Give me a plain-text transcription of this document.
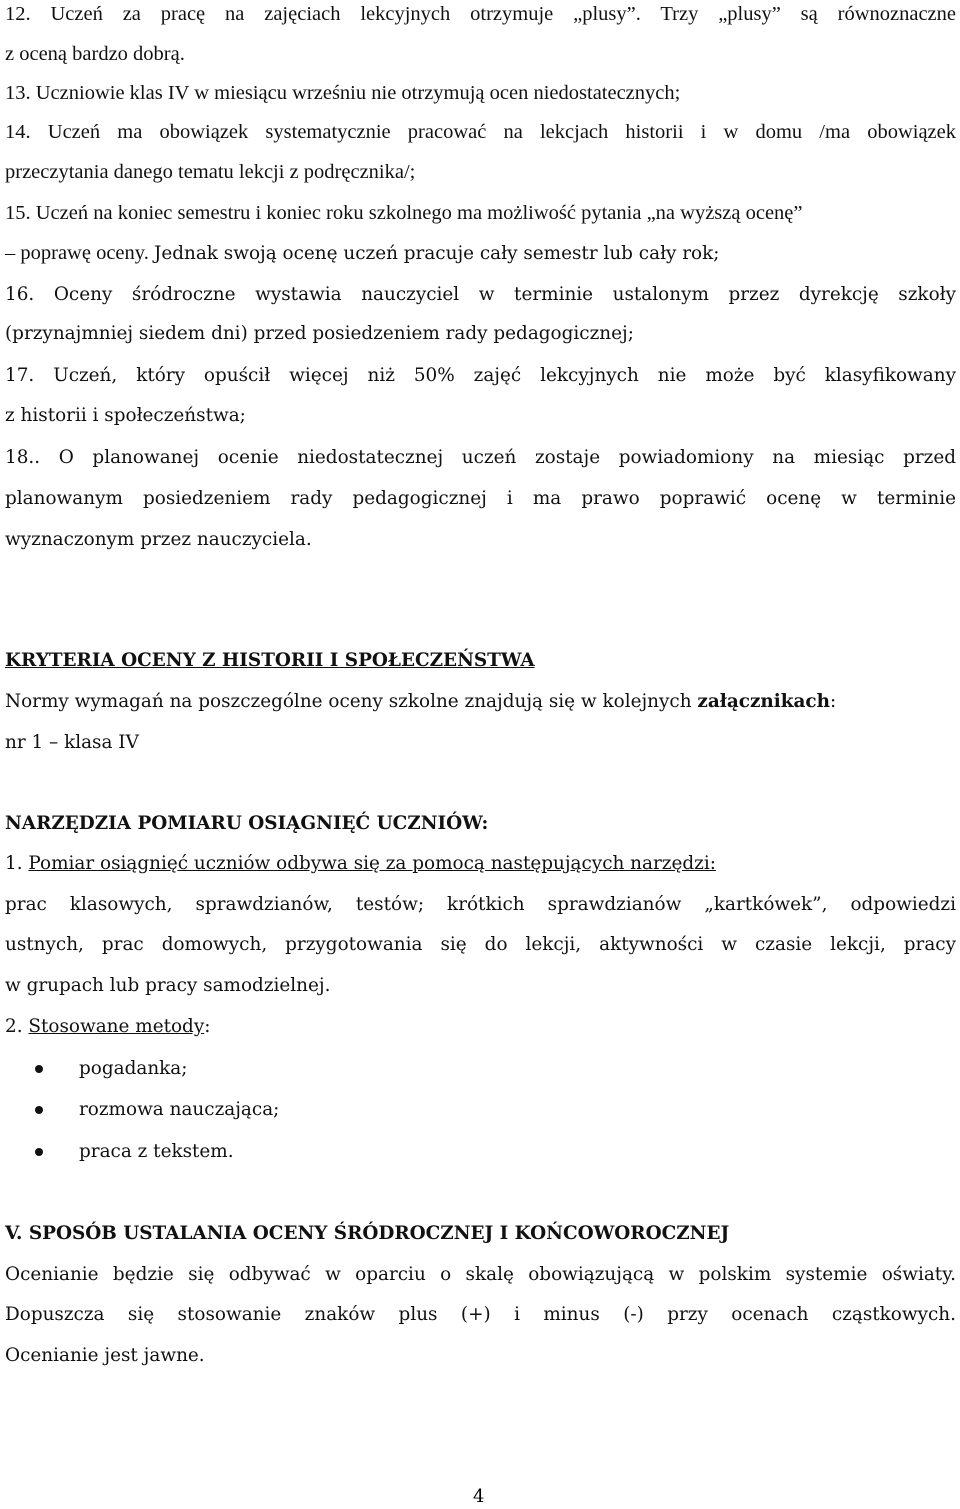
12. Uczeń za pracę na zajęciach lekcyjnych otrzymuje „plusy”. Trzy „plusy” są równoznaczne
z oceną bardzo dobrą.
13. Uczniowie klas IV w miesiącu wrześniu nie otrzymują ocen niedostatecznych;
14. Uczeń ma obowiązek systematycznie pracować na lekcjach historii i w domu /ma obowiązek
przeczytania danego tematu lekcji z podręcznika/;
15. Uczeń na koniec semestru i koniec roku szkolnego ma możliwość pytania „na wyższą ocenę”
– poprawę oceny. Jednak swoją ocenę uczeń pracuje cały semestr lub cały rok;
16. Oceny śródroczne wystawia nauczyciel w terminie ustalonym przez dyrekcję szkoły
(przynajmniej siedem dni) przed posiedzeniem rady pedagogicznej;
17. Uczeń, który opuścił więcej niż 50% zajęć lekcyjnych nie może być klasyfikowany
z historii i społeczeństwa;
18.. O planowanej ocenie niedostatecznej uczeń zostaje powiadomiony na miesiąc przed
planowanym posiedzeniem rady pedagogicznej i ma prawo poprawić ocenę w terminie
wyznaczonym przez nauczyciela.
KRYTERIA OCENY Z HISTORII I SPOŁECZEŃSTWA
Normy wymagań na poszczególne oceny szkolne znajdują się w kolejnych załącznikach:
nr 1 – klasa IV
NARZĘDZIA POMIARU OSIĄGNIĘĆ UCZNIÓW:
1. Pomiar osiągnięć uczniów odbywa się za pomocą następujących narzędzi:
prac klasowych, sprawdzianów, testów; krótkich sprawdzianów „kartkówek”, odpowiedzi
ustnych, prac domowych, przygotowania się do lekcji, aktywności w czasie lekcji, pracy
w grupach lub pracy samodzielnej.
2. Stosowane metody:
pogadanka;
rozmowa nauczająca;
praca z tekstem.
V. SPOSÓB USTALANIA OCENY ŚRÓDROCZNEJ I KOŃCOWOROCZNEJ
Ocenianie będzie się odbywać w oparciu o skalę obowiązującą w polskim systemie oświaty.
Dopuszcza się stosowanie znaków plus (+) i minus (-) przy ocenach cząstkowych.
Ocenianie jest jawne.
4
